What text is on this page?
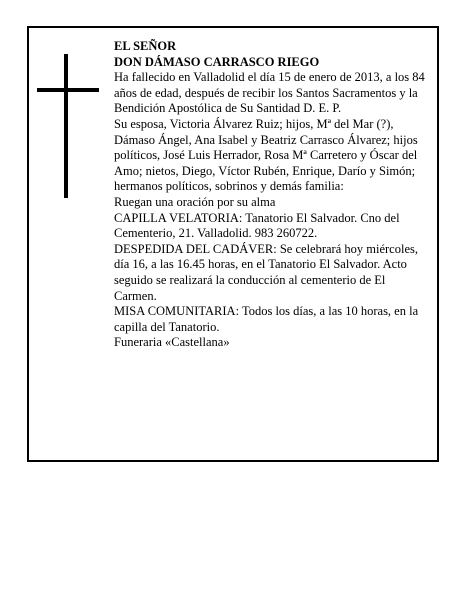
EL SEÑOR

DON DÁMASO CARRASCO RIEGO

Ha fallecido en Valladolid el día 15 de enero de 2013, a los 84 años de edad, después de recibir los Santos Sacramentos y la Bendición Apostólica de Su Santidad D. E. P.

Su esposa, Victoria Álvarez Ruiz; hijos, Mª del Mar (?), Dámaso Ángel, Ana Isabel y Beatriz Carrasco Álvarez; hijos políticos, José Luis Herrador, Rosa Mª Carretero y Óscar del Amo; nietos, Diego, Víctor Rubén, Enrique, Darío y Simón; hermanos políticos, sobrinos y demás familia:

Ruegan una oración por su alma

CAPILLA VELATORIA: Tanatorio El Salvador. Cno del Cementerio, 21. Valladolid. 983 260722.

DESPEDIDA DEL CADÁVER: Se celebrará hoy miércoles, día 16, a las 16.45 horas, en el Tanatorio El Salvador. Acto seguido se realizará la conducción al cementerio de El Carmen.

MISA COMUNITARIA: Todos los días, a las 10 horas, en la capilla del Tanatorio.

Funeraria «Castellana»
